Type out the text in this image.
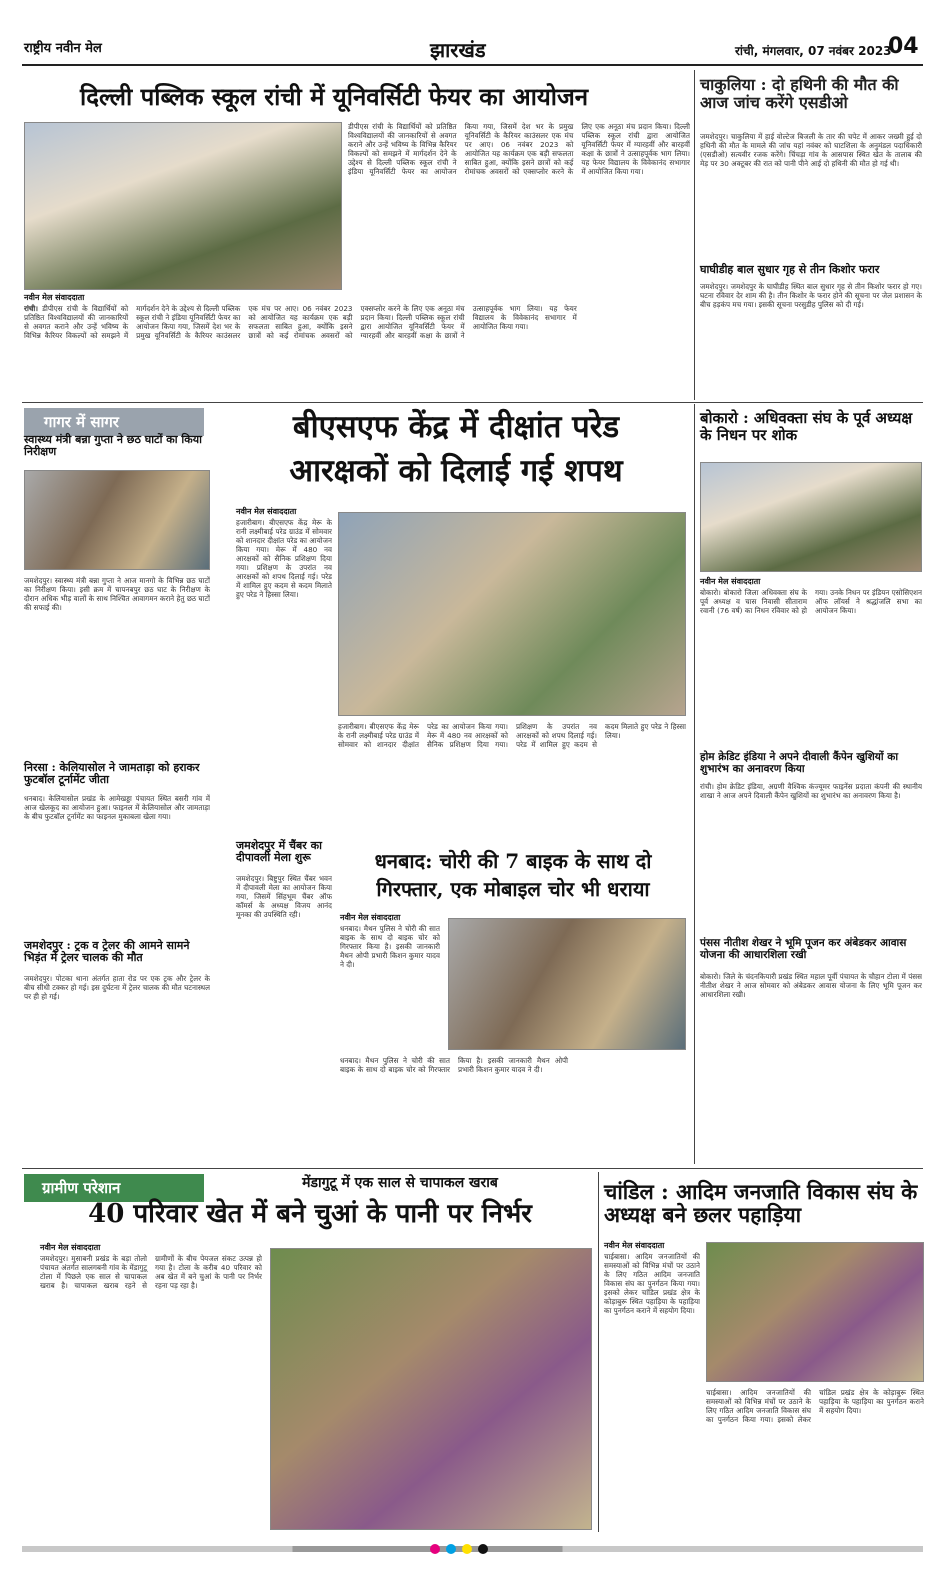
राष्ट्रीय नवीन मेल	झारखंड	रांची, मंगलवार, 07 नवंबर 2023
04
दिल्ली पब्लिक स्कूल रांची में यूनिवर्सिटी फेयर का आयोजन
नवीन मेल संवाददाता
रांची। डीपीएस रांची के विद्यार्थियों को प्रतिष्ठित विश्वविद्यालयों की जानकारियों से अवगत कराने और उन्हें भविष्य के विभिन्न कैरियर विकल्पों को समझने में मार्गदर्शन देने के उद्देश्य से दिल्ली पब्लिक स्कूल रांची ने इंडिया यूनिवर्सिटी फेयर का आयोजन किया गया, जिसमें देश भर के प्रमुख यूनिवर्सिटी के कैरियर काउंसलर एक मंच पर आए। 06 नवंबर 2023 को आयोजित यह कार्यक्रम एक बड़ी सफलता साबित हुआ, क्योंकि इसने छात्रों को कई रोमांचक अवसरों को एक्सप्लोर करने के लिए एक अनूठा मंच प्रदान किया। दिल्ली पब्लिक स्कूल रांची द्वारा आयोजित यूनिवर्सिटी फेयर में ग्यारहवीं और बारहवीं कक्षा के छात्रों ने उत्साहपूर्वक भाग लिया। यह फेयर विद्यालय के विवेकानंद सभागार में आयोजित किया गया।
डीपीएस रांची के विद्यार्थियों को प्रतिष्ठित विश्वविद्यालयों की जानकारियों से अवगत कराने और उन्हें भविष्य के विभिन्न कैरियर विकल्पों को समझने में मार्गदर्शन देने के उद्देश्य से दिल्ली पब्लिक स्कूल रांची ने इंडिया यूनिवर्सिटी फेयर का आयोजन किया गया, जिसमें देश भर के प्रमुख यूनिवर्सिटी के कैरियर काउंसलर एक मंच पर आए। 06 नवंबर 2023 को आयोजित यह कार्यक्रम एक बड़ी सफलता साबित हुआ, क्योंकि इसने छात्रों को कई रोमांचक अवसरों को एक्सप्लोर करने के लिए एक अनूठा मंच प्रदान किया। दिल्ली पब्लिक स्कूल रांची द्वारा आयोजित यूनिवर्सिटी फेयर में ग्यारहवीं और बारहवीं कक्षा के छात्रों ने उत्साहपूर्वक भाग लिया। यह फेयर विद्यालय के विवेकानंद सभागार में आयोजित किया गया।
चाकुलिया : दो हथिनी की मौत की आज जांच करेंगे एसडीओ
जमशेदपुर। चाकुलिया में हाई वोल्टेज बिजली के तार की चपेट में आकर जख्मी हुई दो हथिनी की मौत के मामले की जांच यहां नवंबर को घाटशिला के अनुमंडल पदाधिकारी (एसडीओ) सत्यवीर रजक करेंगे। चिंचड़ा गांव के आसपास स्थित खेत के तालाब की मेड़ पर 30 अक्टूबर की रात को पानी पीने आई दो हथिनी की मौत हो गई थी।
घाघीडीह बाल सुधार गृह से तीन किशोर फरार
जमशेदपुर। जमशेदपुर के घाघीडीह स्थित बाल सुधार गृह से तीन किशोर फरार हो गए। घटना रविवार देर शाम की है। तीन किशोर के फरार होने की सूचना पर जेल प्रशासन के बीच हड़कंप मच गया। इसकी सूचना परसुडीह पुलिस को दी गई।
गागर में सागर
स्वास्थ्य मंत्री बन्ना गुप्ता ने छठ घाटों का किया निरीक्षण
जमशेदपुर। स्वास्थ्य मंत्री बन्ना गुप्ता ने आज मानगो के विभिन्न छठ घाटों का निरीक्षण किया। इसी क्रम में चापनबपुर छठ घाट के निरीक्षण के दौरान अधिक भीड़ वालों के साथ निश्चित आवागमन कराने हेतु छठ घाटों की सफाई की।
निरसा : केलियासोल ने जामताड़ा को हराकर फुटबॉल टूर्नामेंट जीता
धनबाद। केलियासोल प्रखंड के आमेखड्डा पंचायत स्थित बसरी गांव में आज खेलकूद का आयोजन हुआ। फाइनल में केलियासोल और जामताड़ा के बीच फुटबॉल टूर्नामेंट का फाइनल मुकाबला खेला गया।
जमशेदपुर : ट्रक व ट्रेलर की आमने सामने भिड़ंत में ट्रेलर चालक की मौत
जमशेदपुर। पोटका थाना अंतर्गत हाता रोड पर एक ट्रक और ट्रेलर के बीच सीधी टक्कर हो गई। इस दुर्घटना में ट्रेलर चालक की मौत घटनास्थल पर ही हो गई।
बीएसएफ केंद्र में दीक्षांत परेड
आरक्षकों को दिलाई गई शपथ
नवीन मेल संवाददाता
हजारीबाग। बीएसएफ केंद्र मेरू के रानी लक्ष्मीबाई परेड ग्राउंड में सोमवार को शानदार दीक्षांत परेड का आयोजन किया गया। मेरू में 480 नव आरक्षकों को सैनिक प्रशिक्षण दिया गया। प्रशिक्षण के उपरांत नव आरक्षकों को शपथ दिलाई गई। परेड में शामिल हुए कदम से कदम मिलाते हुए परेड ने हिस्सा लिया।
हजारीबाग। बीएसएफ केंद्र मेरू के रानी लक्ष्मीबाई परेड ग्राउंड में सोमवार को शानदार दीक्षांत परेड का आयोजन किया गया। मेरू में 480 नव आरक्षकों को सैनिक प्रशिक्षण दिया गया। प्रशिक्षण के उपरांत नव आरक्षकों को शपथ दिलाई गई। परेड में शामिल हुए कदम से कदम मिलाते हुए परेड ने हिस्सा लिया।
जमशेदपुर में चैंबर का दीपावली मेला शुरू
जमशेदपुर। बिष्टुपुर स्थित चैंबर भवन में दीपावली मेला का आयोजन किया गया, जिसमें सिंहभूम चैंबर ऑफ कॉमर्स के अध्यक्ष विजय आनंद मूनका की उपस्थिति रही।
धनबाद: चोरी की 7 बाइक के साथ दो
गिरफ्तार, एक मोबाइल चोर भी धराया
नवीन मेल संवाददाता
धनबाद। मैथन पुलिस ने चोरी की सात बाइक के साथ दो बाइक चोर को गिरफ्तार किया है। इसकी जानकारी मैथन ओपी प्रभारी किशन कुमार यादव ने दी।
धनबाद। मैथन पुलिस ने चोरी की सात बाइक के साथ दो बाइक चोर को गिरफ्तार किया है। इसकी जानकारी मैथन ओपी प्रभारी किशन कुमार यादव ने दी।
बोकारो : अधिवक्ता संघ के पूर्व अध्यक्ष के निधन पर शोक
नवीन मेल संवाददाता
बोकारो। बोकारो जिला अधिवक्ता संघ के पूर्व अध्यक्ष व चास निवासी सीताराम रवानी (76 वर्ष) का निधन रविवार को हो गया। उनके निधन पर इंडियन एसोसिएशन ऑफ लॉयर्स ने श्रद्धांजलि सभा का आयोजन किया।
होम क्रेडिट इंडिया ने अपने दीवाली कैंपेन खुशियों का शुभारंभ का अनावरण किया
रांची। होम क्रेडिट इंडिया, अग्रणी वैश्विक कंज्यूमर फाइनेंस प्रदाता कंपनी की स्थानीय शाखा ने आज अपने दिवाली कैंपेन खुशियों का शुभारंभ का अनावरण किया है।
पंसस नीतीश शेखर ने भूमि पूजन कर अंबेडकर आवास योजना की आधारशिला रखी
बोकारो। जिले के चंदनकियारी प्रखंड स्थित महाल पूर्वी पंचायत के चौहान टोला में पंसस नीतीश शेखर ने आज सोमवार को अंबेडकर आवास योजना के लिए भूमि पूजन कर आधारशिला रखी।
ग्रामीण परेशान	मेंडागुटू में एक साल से चापाकल खराब
40 परिवार खेत में बने चुआं के पानी पर निर्भर
नवीन मेल संवाददाता
जमशेदपुर। मुसाबनी प्रखंड के बड़ा तोलो पंचायत अंतर्गत सालगबनी गांव के मेंडागुटू टोला में पिछले एक साल से चापाकल खराब है। चापाकल खराब रहने से ग्रामीणों के बीच पेयजल संकट उत्पन्न हो गया है। टोला के करीब 40 परिवार को अब खेत में बने चुआं के पानी पर निर्भर रहना पड़ रहा है।
चांडिल : आदिम जनजाति विकास संघ के अध्यक्ष बने छलर पहाड़िया
नवीन मेल संवाददाता
चाईबासा। आदिम जनजातियों की समस्याओं को विभिन्न मंचों पर उठाने के लिए गठित आदिम जनजाति विकास संघ का पुनर्गठन किया गया। इसको लेकर चांडिल प्रखंड क्षेत्र के कोड़ाबुरू स्थित पहाड़िया के पहाड़िया का पुनर्गठन कराने में सहयोग दिया।
चाईबासा। आदिम जनजातियों की समस्याओं को विभिन्न मंचों पर उठाने के लिए गठित आदिम जनजाति विकास संघ का पुनर्गठन किया गया। इसको लेकर चांडिल प्रखंड क्षेत्र के कोड़ाबुरू स्थित पहाड़िया के पहाड़िया का पुनर्गठन कराने में सहयोग दिया।
